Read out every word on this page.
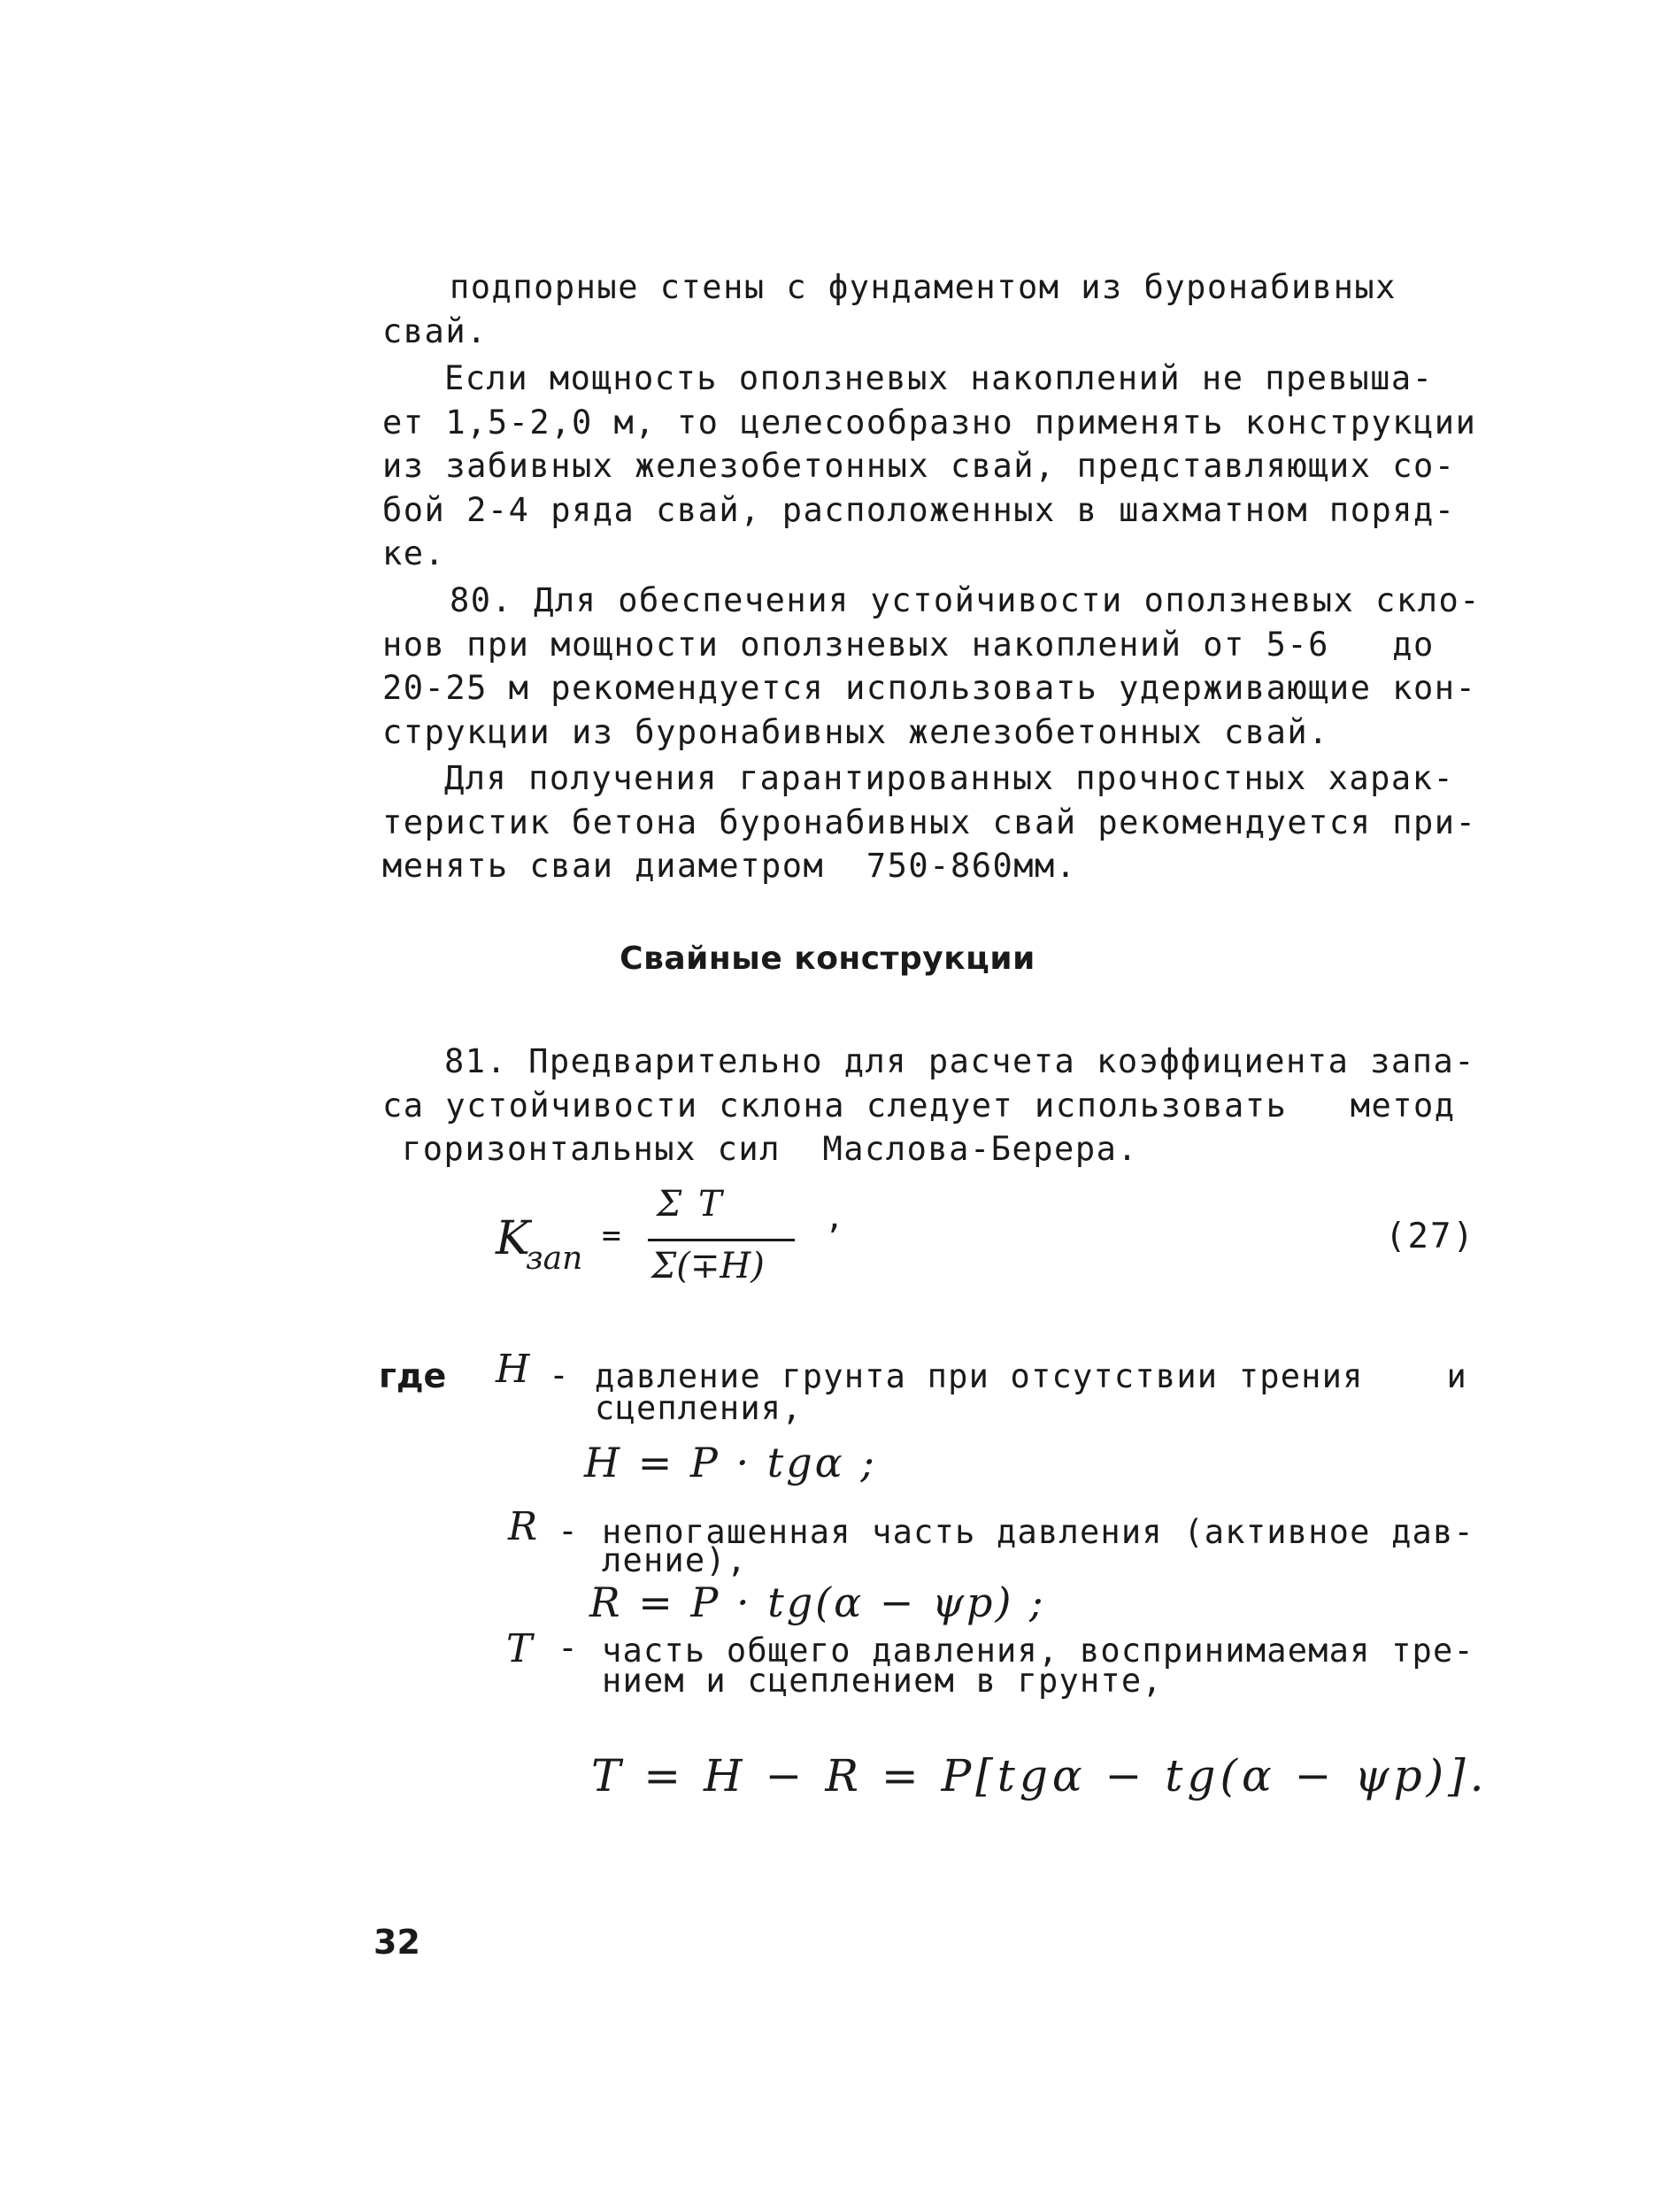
подпорные стены с фундаментом из буронабивных
свай.
Если мощность оползневых накоплений не превыша-
ет 1,5-2,0 м, то целесообразно применять конструкции
из забивных железобетонных свай, представляющих со-
бой 2-4 ряда свай, расположенных в шахматном поряд-
ке.
80. Для обеспечения устойчивости оползневых скло-
нов при мощности оползневых накоплений от 5-6   до
20-25 м рекомендуется использовать удерживающие кон-
струкции из буронабивных железобетонных свай.
Для получения гарантированных прочностных харак-
теристик бетона буронабивных свай рекомендуется при-
менять сваи диаметром  750-860мм.
Свайные конструкции
81. Предварительно для расчета коэффициента запа-
са устойчивости склона следует использовать   метод
горизонтальных сил  Маслова-Берера.
K
зап
=
Σ T
Σ(∓H)
,	(27)
где H - давление грунта при отсутствии трения    и
сцепления,
H = P · tgα ;
R - непогашенная часть давления (активное дав-
ление),
R = P · tg(α − ψp) ;
T - часть общего давления, воспринимаемая тре-
нием и сцеплением в грунте,
T = H − R = P[tgα − tg(α − ψp)].
32
